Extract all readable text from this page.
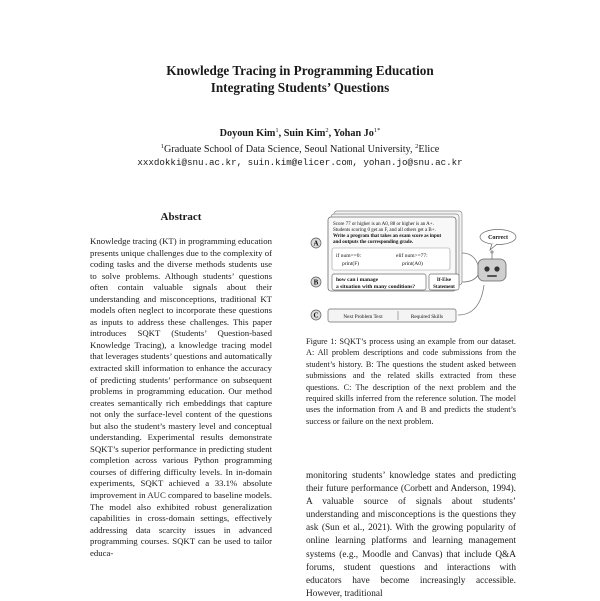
Knowledge Tracing in Programming Education
Integrating Students’ Questions
Doyoun Kim$^1$, Suin Kim$^2$, Yohan $Jo^{1*}$
$^1$Graduate School of Data Science, Seoul National University, $^2$Elice
xxxdokki@snu.ac.kr, suin.kim@elicer.com, yohan.jo@snu.ac.kr
Abstract
Knowledge tracing (KT) in programming education presents unique challenges due to the complexity of coding tasks and the diverse methods students use to solve problems. Although students’ questions often contain valuable signals about their understanding and misconceptions, traditional KT models often neglect to incorporate these questions as inputs to address these challenges. This paper introduces SQKT (Students’ Question-based Knowledge Tracing), a knowledge tracing model that leverages students’ questions and automatically extracted skill information to enhance the accuracy of predicting students’ performance on subsequent problems in programming education. Our method creates semantically rich embeddings that capture not only the surface-level content of the questions but also the student’s mastery level and conceptual understanding. Experimental results demonstrate SQKT’s superior performance in predicting student completion across various Python programming courses of differing difficulty levels. In in-domain experiments, SQKT achieved a 33.1% absolute improvement in AUC compared to baseline models. The model also exhibited robust generalization capabilities in cross-domain settings, effectively addressing data scarcity issues in advanced programming courses. SQKT can be used to tailor educa-
Score 77 or higher is an A0, 88 or higher is an A+.
Students scoring 0 get an F, and all others get a B+.
Write a program that takes an exam score as input
and outputs the corresponding grade.
if num==0:
print(F)
elif num>=77:
print(A0)
how can i manage
a situation with many conditions?
If-Else
Statement
Next Problem Text	Required Skills
A
B
C
Correct
Figure 1: SQKT’s process using an example from our dataset. A: All problem descriptions and code submissions from the student’s history. B: The questions the student asked between submissions and the related skills extracted from these questions. C: The description of the next problem and the required skills inferred from the reference solution. The model uses the information from A and B and predicts the student’s success or failure on the next problem.
monitoring students’ knowledge states and predicting their future performance (Corbett and Anderson, 1994). A valuable source of signals about students’ understanding and misconceptions is the questions they ask (Sun et al., 2021). With the growing popularity of online learning platforms and learning management systems (e.g., Moodle and Canvas) that include Q&A forums, student questions and interactions with educators have become increasingly accessible. However, traditional
